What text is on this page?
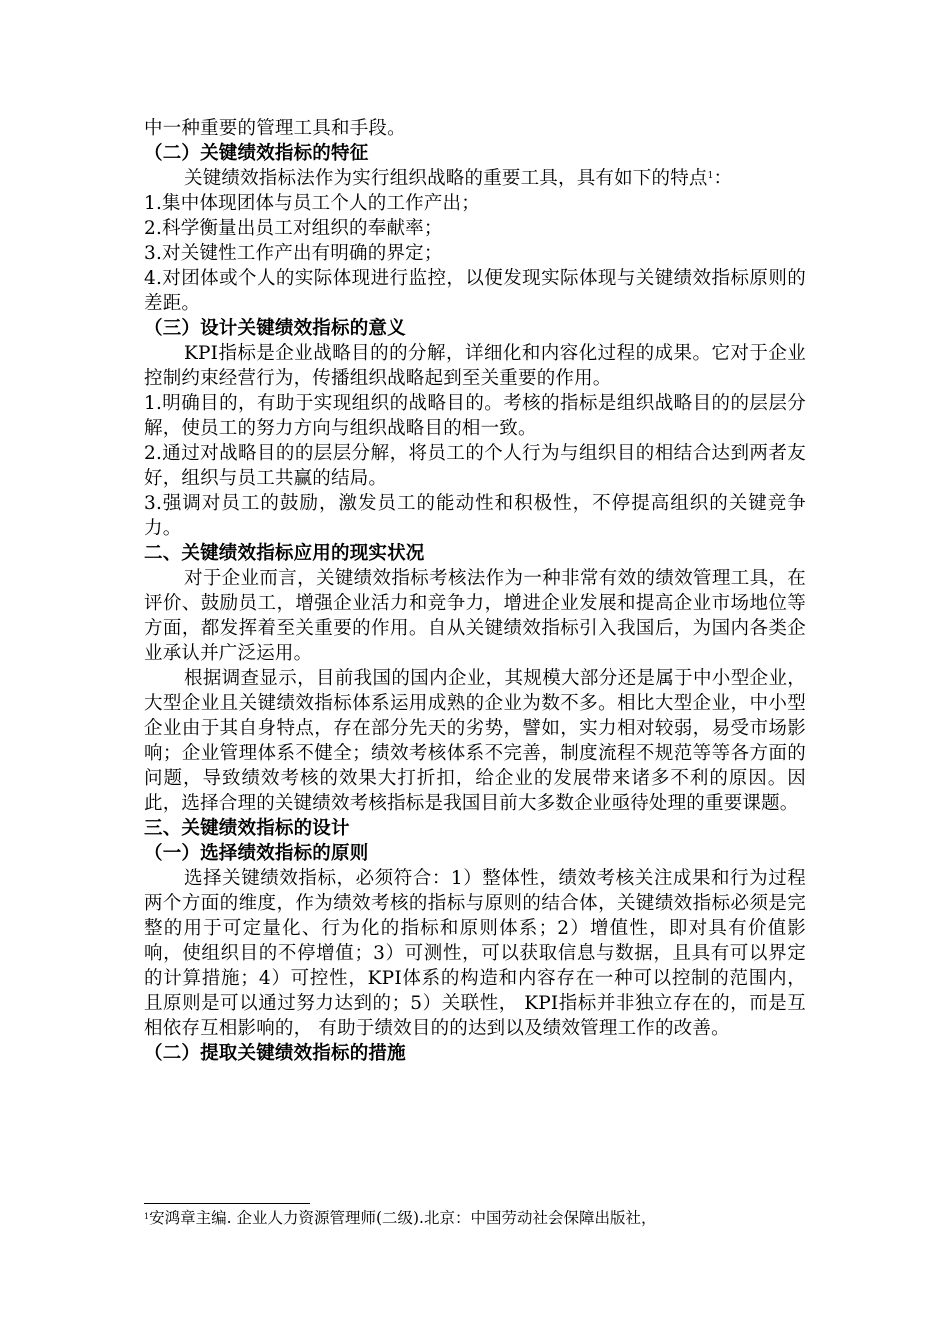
中一种重要的管理工具和手段。

（二）关键绩效指标的特征

关键绩效指标法作为实行组织战略的重要工具，具有如下的特点$^1$：

1.集中体现团体与员工个人的工作产出；

2.科学衡量出员工对组织的奉献率；

3.对关键性工作产出有明确的界定；

4.对团体或个人的实际体现进行监控，以便发现实际体现与关键绩效指标原则的差距。

（三）设计关键绩效指标的意义

KPI指标是企业战略目的的分解，详细化和内容化过程的成果。它对于企业控制约束经营行为，传播组织战略起到至关重要的作用。

1.明确目的，有助于实现组织的战略目的。考核的指标是组织战略目的的层层分解，使员工的努力方向与组织战略目的相一致。

2.通过对战略目的的层层分解，将员工的个人行为与组织目的相结合达到两者友好，组织与员工共赢的结局。

3.强调对员工的鼓励，激发员工的能动性和积极性，不停提高组织的关键竞争力。

二、关键绩效指标应用的现实状况

对于企业而言，关键绩效指标考核法作为一种非常有效的绩效管理工具，在评价、鼓励员工，增强企业活力和竞争力，增进企业发展和提高企业市场地位等方面，都发挥着至关重要的作用。自从关键绩效指标引入我国后，为国内各类企业承认并广泛运用。

根据调查显示，目前我国的国内企业，其规模大部分还是属于中小型企业，大型企业且关键绩效指标体系运用成熟的企业为数不多。相比大型企业，中小型企业由于其自身特点，存在部分先天的劣势，譬如，实力相对较弱，易受市场影响；企业管理体系不健全；绩效考核体系不完善，制度流程不规范等等各方面的问题，导致绩效考核的效果大打折扣，给企业的发展带来诸多不利的原因。因此，选择合理的关键绩效考核指标是我国目前大多数企业亟待处理的重要课题。

三、关键绩效指标的设计

（一）选择绩效指标的原则

选择关键绩效指标，必须符合：1）整体性，绩效考核关注成果和行为过程两个方面的维度，作为绩效考核的指标与原则的结合体，关键绩效指标必须是完整的用于可定量化、行为化的指标和原则体系；2）增值性，即对具有价值影响，使组织目的不停增值；3）可测性，可以获取信息与数据，且具有可以界定的计算措施；4）可控性，KPI体系的构造和内容存在一种可以控制的范围内，且原则是可以通过努力达到的；5）关联性， KPI指标并非独立存在的，而是互相依存互相影响的， 有助于绩效目的的达到以及绩效管理工作的改善。

（二）提取关键绩效指标的措施

$^1$安鸿章主编. 企业人力资源管理师(二级).北京：中国劳动社会保障出版社，
